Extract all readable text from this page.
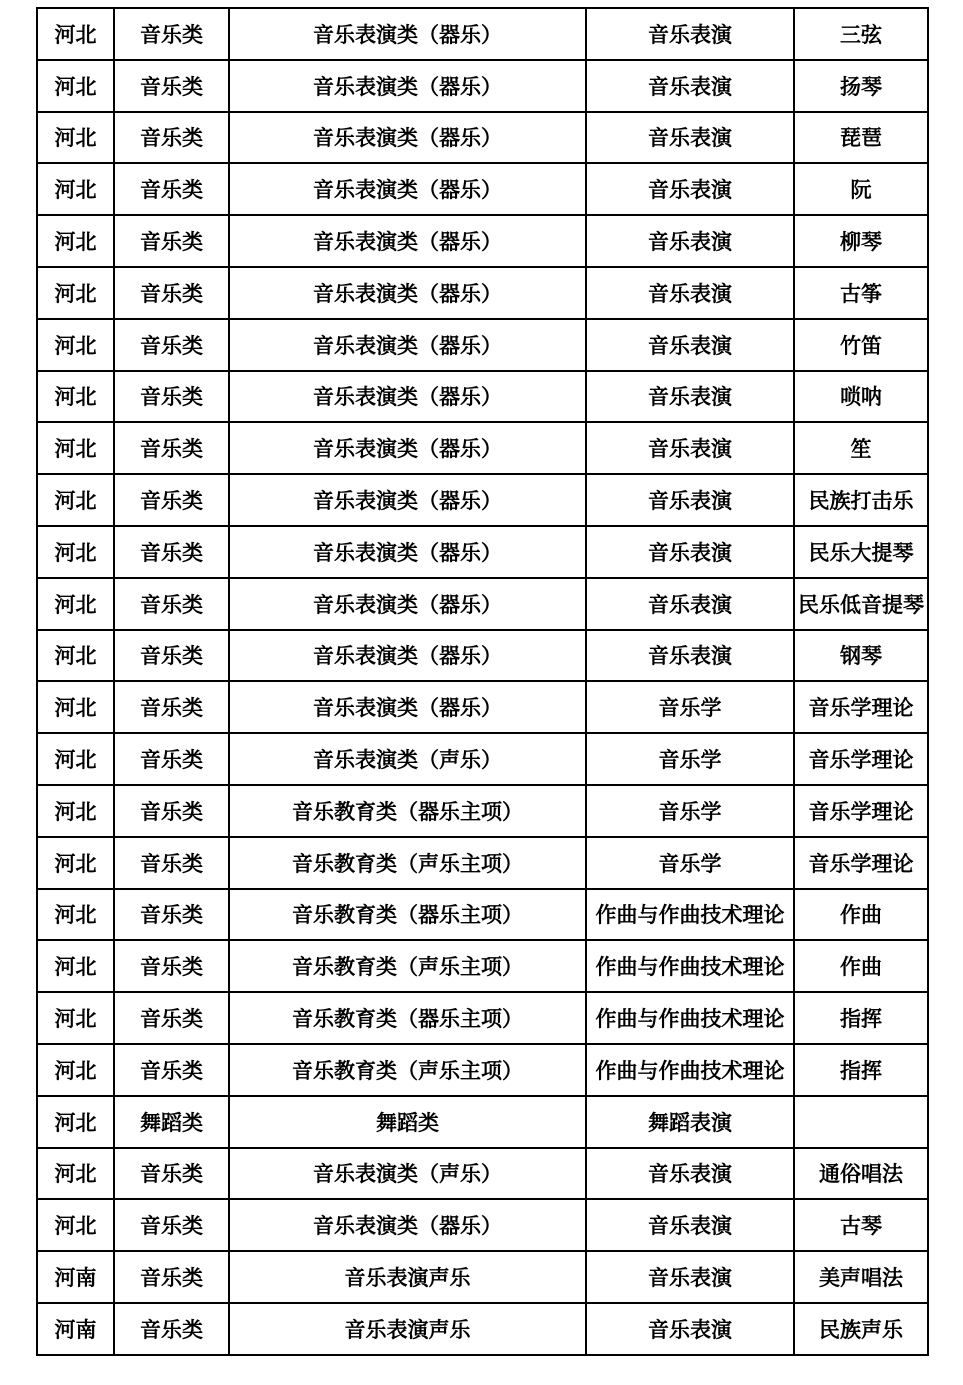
河北	音乐类	音乐表演类（器乐）	音乐表演	三弦
河北	音乐类	音乐表演类（器乐）	音乐表演	扬琴
河北	音乐类	音乐表演类（器乐）	音乐表演	琵琶
河北	音乐类	音乐表演类（器乐）	音乐表演	阮
河北	音乐类	音乐表演类（器乐）	音乐表演	柳琴
河北	音乐类	音乐表演类（器乐）	音乐表演	古筝
河北	音乐类	音乐表演类（器乐）	音乐表演	竹笛
河北	音乐类	音乐表演类（器乐）	音乐表演	唢呐
河北	音乐类	音乐表演类（器乐）	音乐表演	笙
河北	音乐类	音乐表演类（器乐）	音乐表演	民族打击乐
河北	音乐类	音乐表演类（器乐）	音乐表演	民乐大提琴
河北	音乐类	音乐表演类（器乐）	音乐表演	民乐低音提琴
河北	音乐类	音乐表演类（器乐）	音乐表演	钢琴
河北	音乐类	音乐表演类（器乐）	音乐学	音乐学理论
河北	音乐类	音乐表演类（声乐）	音乐学	音乐学理论
河北	音乐类	音乐教育类（器乐主项）	音乐学	音乐学理论
河北	音乐类	音乐教育类（声乐主项）	音乐学	音乐学理论
河北	音乐类	音乐教育类（器乐主项）	作曲与作曲技术理论	作曲
河北	音乐类	音乐教育类（声乐主项）	作曲与作曲技术理论	作曲
河北	音乐类	音乐教育类（器乐主项）	作曲与作曲技术理论	指挥
河北	音乐类	音乐教育类（声乐主项）	作曲与作曲技术理论	指挥
河北	舞蹈类	舞蹈类	舞蹈表演	
河北	音乐类	音乐表演类（声乐）	音乐表演	通俗唱法
河北	音乐类	音乐表演类（器乐）	音乐表演	古琴
河南	音乐类	音乐表演声乐	音乐表演	美声唱法
河南	音乐类	音乐表演声乐	音乐表演	民族声乐
